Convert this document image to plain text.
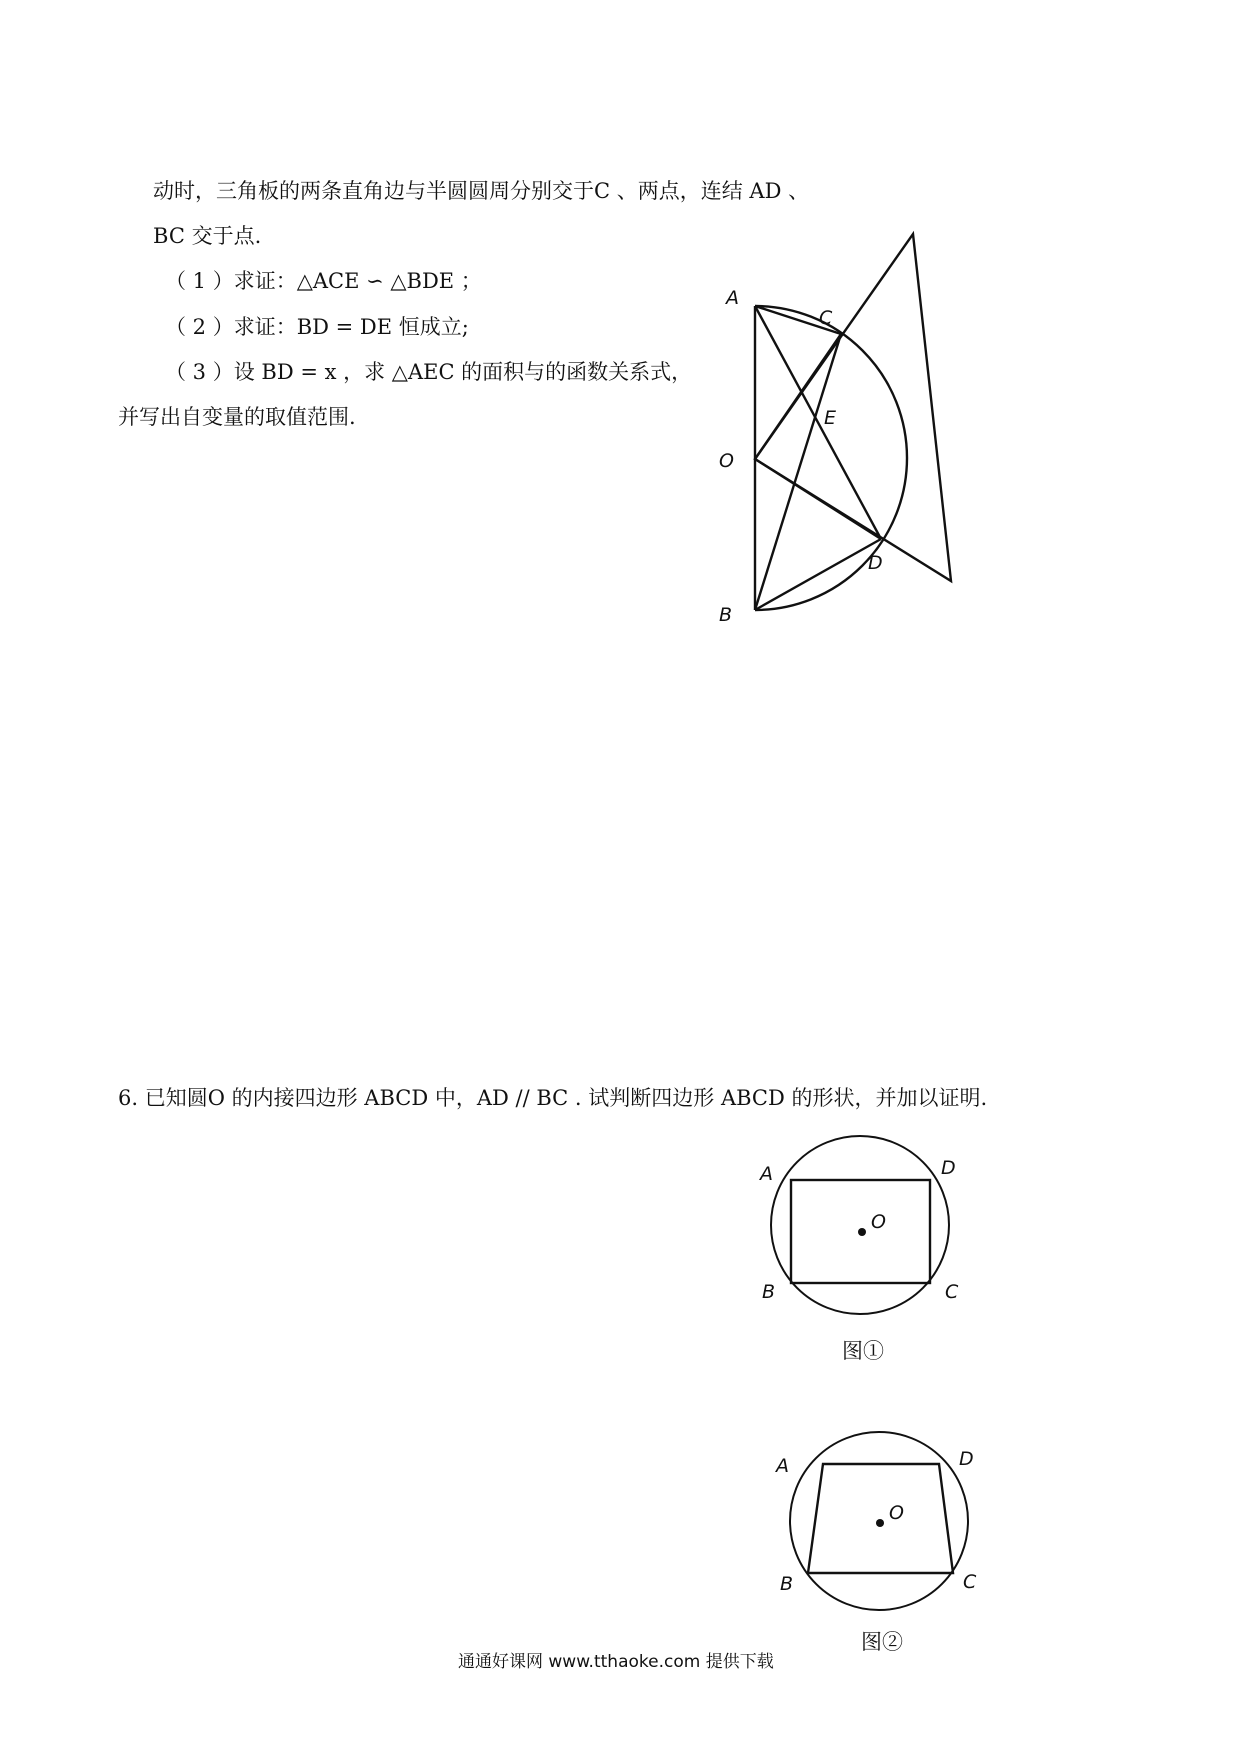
动时，三角板的两条直角边与半圆圆周分别交于C 、两点，连结 AD 、
BC 交于点.
（ 1 ）求证：△ACE ∽ △BDE ；
（ 2 ）求证：BD = DE 恒成立;
（ 3 ）设 BD = x ，求 △AEC 的面积与的函数关系式，
并写出自变量的取值范围.
A
C
E
O
D
B
6. 已知圆O 的内接四边形 ABCD 中，AD // BC . 试判断四边形 ABCD 的形状，并加以证明.
A	D
O
B	C
图①
A	D
O
B	C
图②
通通好课网 www.tthaoke.com 提供下载
